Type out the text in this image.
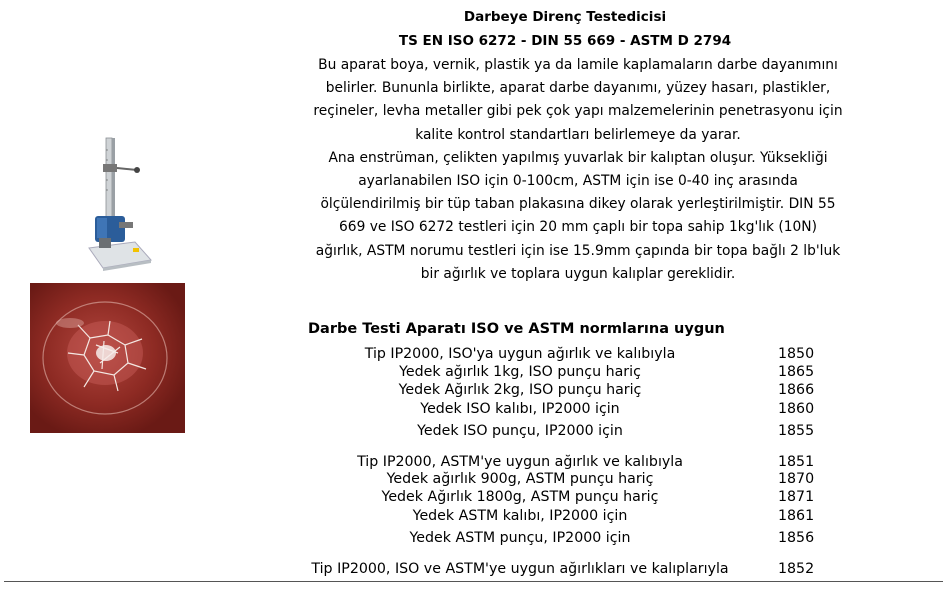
Darbeye Direnç Testedicisi
TS EN ISO 6272 - DIN 55 669 - ASTM D 2794
Bu aparat boya, vernik, plastik ya da lamile kaplamaların darbe dayanımını
belirler. Bununla birlikte, aparat darbe dayanımı, yüzey hasarı, plastikler,
reçineler, levha metaller gibi pek çok yapı malzemelerinin penetrasyonu için
kalite kontrol standartları belirlemeye da yarar.
Ana enstrüman, çelikten yapılmış yuvarlak bir kalıptan oluşur. Yüksekliği
ayarlanabilen ISO için 0-100cm, ASTM için ise 0-40 inç arasında
ölçülendirilmiş bir tüp taban plakasına dikey olarak yerleştirilmiştir. DIN 55
669 ve ISO 6272 testleri için 20 mm çaplı bir topa sahip 1kg'lık (10N)
ağırlık, ASTM norumu testleri için ise 15.9mm çapında bir topa bağlı 2 lb'luk
bir ağırlık ve toplara uygun kalıplar gereklidir.
Darbe Testi Aparatı ISO ve ASTM normlarına uygun
Tip IP2000, ISO'ya uygun ağırlık ve kalıbıyla	1850
Yedek ağırlık 1kg, ISO punçu hariç	1865
Yedek Ağırlık 2kg, ISO punçu hariç	1866
Yedek ISO kalıbı, IP2000 için	1860
Yedek ISO punçu, IP2000 için	1855
Tip IP2000, ASTM'ye uygun ağırlık ve kalıbıyla	1851
Yedek ağırlık 900g, ASTM punçu hariç	1870
Yedek Ağırlık 1800g, ASTM punçu hariç	1871
Yedek ASTM kalıbı, IP2000 için	1861
Yedek ASTM punçu, IP2000 için	1856
Tip IP2000, ISO ve ASTM'ye uygun ağırlıkları ve kalıplarıyla	1852
